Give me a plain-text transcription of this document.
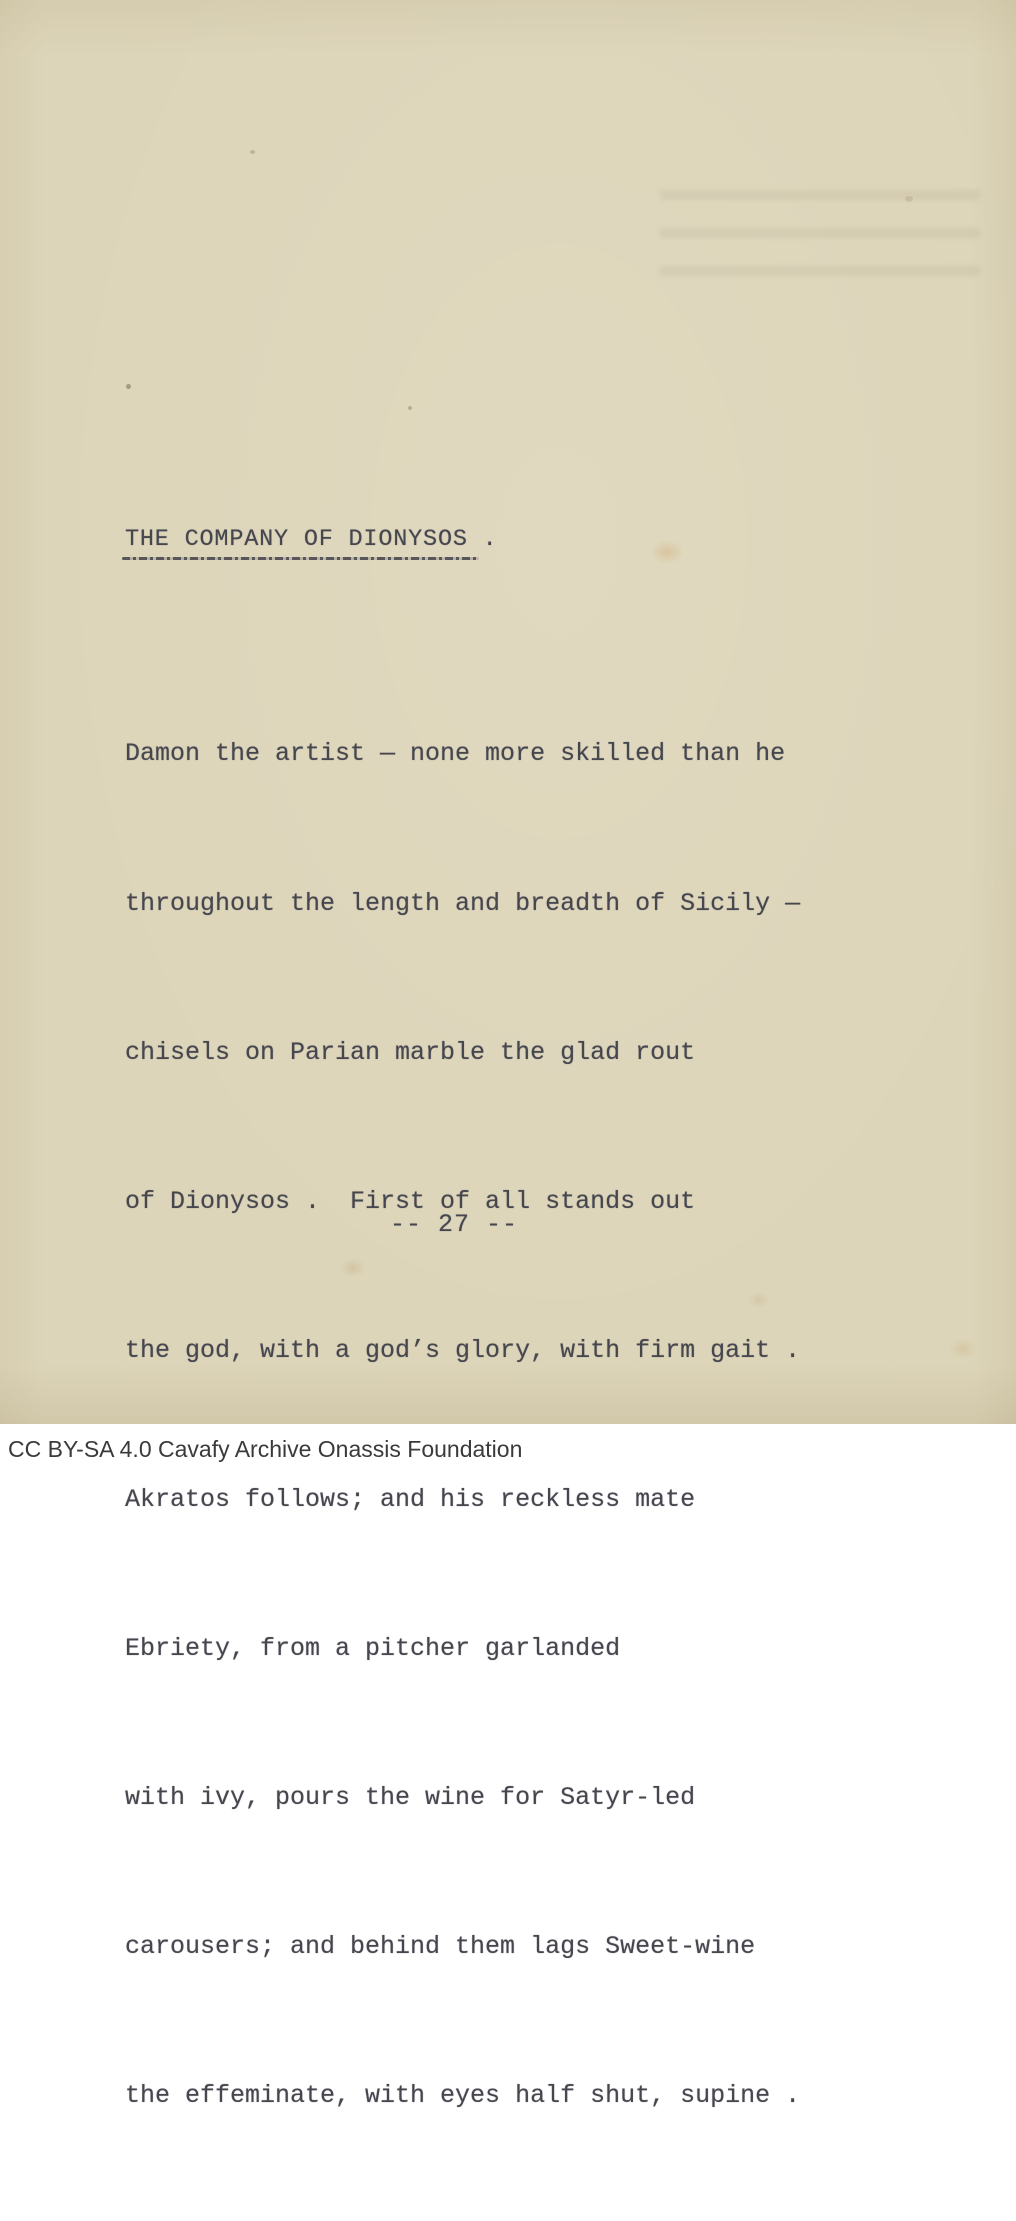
THE COMPANY OF DIONYSOS .

Damon the artist — none more skilled than he

throughout the length and breadth of Sicily —

chisels on Parian marble the glad rout

of Dionysos .  First of all stands out

the god, with a god’s glory, with firm gait .

Akratos follows; and his reckless mate

Ebriety, from a pitcher garlanded

with ivy, pours the wine for Satyr-led

carousers; and behind them lags Sweet-wine

the effeminate, with eyes half shut, supine .

-- 27 --
CC BY-SA 4.0 Cavafy Archive Onassis Foundation
